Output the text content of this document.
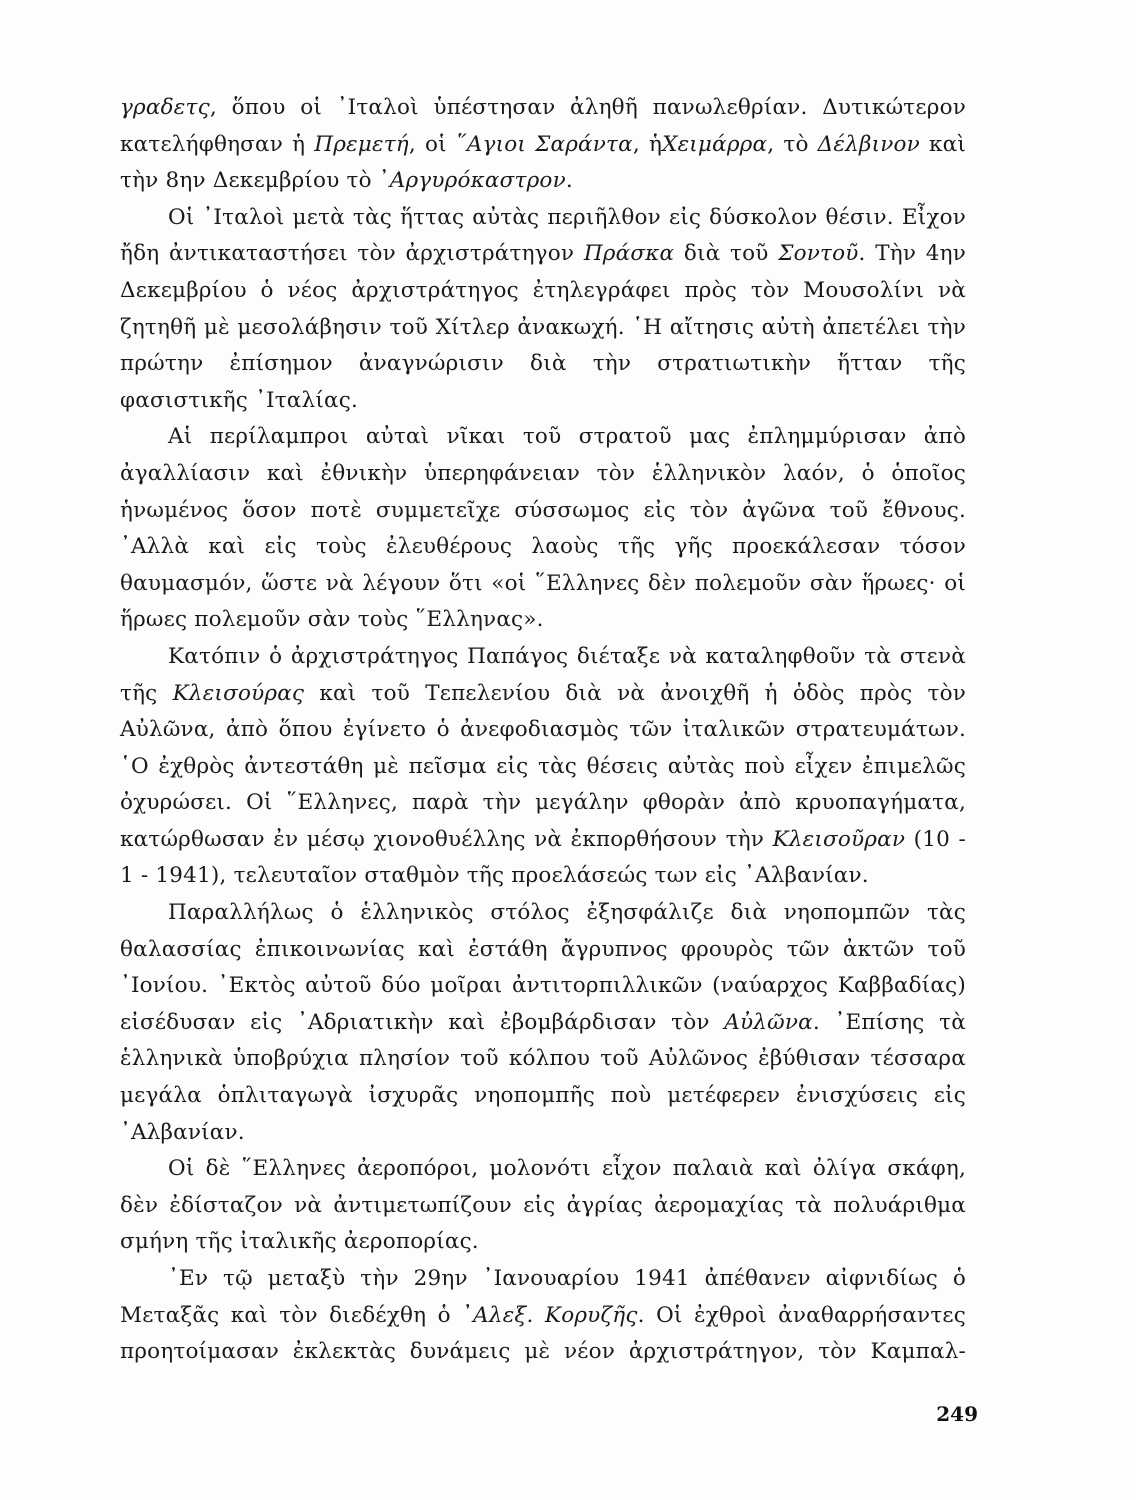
γραδετς, ὅπου οἱ ᾿Ιταλοὶ ὑπέστησαν ἀληθῆ πανωλεθρίαν. Δυτικώτερον κατελήφθησαν ἡ Πρεμετή, οἱ ῞Αγιοι Σαράντα, ἡΧειμάρρα, τὸ Δέλβινον καὶ τὴν 8ην Δεκεμβρίου τὸ ᾿Αργυρόκαστρον.

Οἱ ᾿Ιταλοὶ μετὰ τὰς ἥττας αὐτὰς περιῆλθον εἰς δύσκολον θέσιν. Εἶχον ἤδη ἀντικαταστήσει τὸν ἀρχιστράτηγον Πράσκα διὰ τοῦ Σοντοῦ. Τὴν 4ην Δεκεμβρίου ὁ νέος ἀρχιστράτηγος ἐτηλεγράφει πρὸς τὸν Μουσολίνι νὰ ζητηθῆ μὲ μεσολάβησιν τοῦ Χίτλερ ἀνακωχή. ῾Η αἴτησις αὐτὴ ἀπετέλει τὴν πρώτην ἐπίσημον ἀναγνώρισιν διὰ τὴν στρατιωτικὴν ἥτταν τῆς φασιστικῆς ᾿Ιταλίας.

Αἱ περίλαμπροι αὐταὶ νῖκαι τοῦ στρατοῦ μας ἐπλημμύρισαν ἀπὸ ἀγαλλίασιν καὶ ἐθνικὴν ὑπερηφάνειαν τὸν ἑλληνικὸν λαόν, ὁ ὁποῖος ἡνωμένος ὅσον ποτὲ συμμετεῖχε σύσσωμος εἰς τὸν ἀγῶνα τοῦ ἔθνους. ᾿Αλλὰ καὶ εἰς τοὺς ἐλευθέρους λαοὺς τῆς γῆς προεκάλεσαν τόσον θαυμασμόν, ὥστε νὰ λέγουν ὅτι «οἱ ῞Ελληνες δὲν πολεμοῦν σὰν ἥρωες· οἱ ἥρωες πολεμοῦν σὰν τοὺς ῞Ελληνας».

Κατόπιν ὁ ἀρχιστράτηγος Παπάγος διέταξε νὰ καταληφθοῦν τὰ στενὰ τῆς Κλεισούρας καὶ τοῦ Τεπελενίου διὰ νὰ ἀνοιχθῆ ἡ ὁδὸς πρὸς τὸν Αὐλῶνα, ἀπὸ ὅπου ἐγίνετο ὁ ἀνεφοδιασμὸς τῶν ἰταλικῶν στρατευμάτων. ῾Ο ἐχθρὸς ἀντεστάθη μὲ πεῖσμα εἰς τὰς θέσεις αὐτὰς ποὺ εἶχεν ἐπιμελῶς ὀχυρώσει. Οἱ ῞Ελληνες, παρὰ τὴν μεγάλην φθορὰν ἀπὸ κρυοπαγήματα, κατώρθωσαν ἐν μέσῳ χιονοθυέλλης νὰ ἐκπορθήσουν τὴν Κλεισοῦραν (10 - 1 - 1941), τελευταῖον σταθμὸν τῆς προελάσεώς των εἰς ᾿Αλβανίαν.

Παραλλήλως ὁ ἑλληνικὸς στόλος ἐξησφάλιζε διὰ νηοπομπῶν τὰς θαλασσίας ἐπικοινωνίας καὶ ἐστάθη ἄγρυπνος φρουρὸς τῶν ἀκτῶν τοῦ ᾿Ιονίου. ᾿Εκτὸς αὐτοῦ δύο μοῖραι ἀντιτορπιλλικῶν (ναύαρχος Καββαδίας) εἰσέδυσαν εἰς ᾿Αδριατικὴν καὶ ἐβομβάρδισαν τὸν Αὐλῶνα. ᾿Επίσης τὰ ἑλληνικὰ ὑποβρύχια πλησίον τοῦ κόλπου τοῦ Αὐλῶνος ἐβύθισαν τέσσαρα μεγάλα ὁπλιταγωγὰ ἰσχυρᾶς νηοπομπῆς ποὺ μετέφερεν ἐνισχύσεις εἰς ᾿Αλβανίαν.

Οἱ δὲ ῞Ελληνες ἀεροπόροι, μολονότι εἶχον παλαιὰ καὶ ὀλίγα σκάφη, δὲν ἐδίσταζον νὰ ἀντιμετωπίζουν εἰς ἀγρίας ἀερομαχίας τὰ πολυάριθμα σμήνη τῆς ἰταλικῆς ἀεροπορίας.

᾿Εν τῷ μεταξὺ τὴν 29ην ᾿Ιανουαρίου 1941 ἀπέθανεν αἰφνιδίως ὁ Μεταξᾶς καὶ τὸν διεδέχθη ὁ ᾿Αλεξ. Κορυζῆς. Οἱ ἐχθροὶ ἀναθαρρήσαντες προητοίμασαν ἐκλεκτὰς δυνάμεις μὲ νέον ἀρχιστράτηγον, τὸν Καμπαλ-

249
